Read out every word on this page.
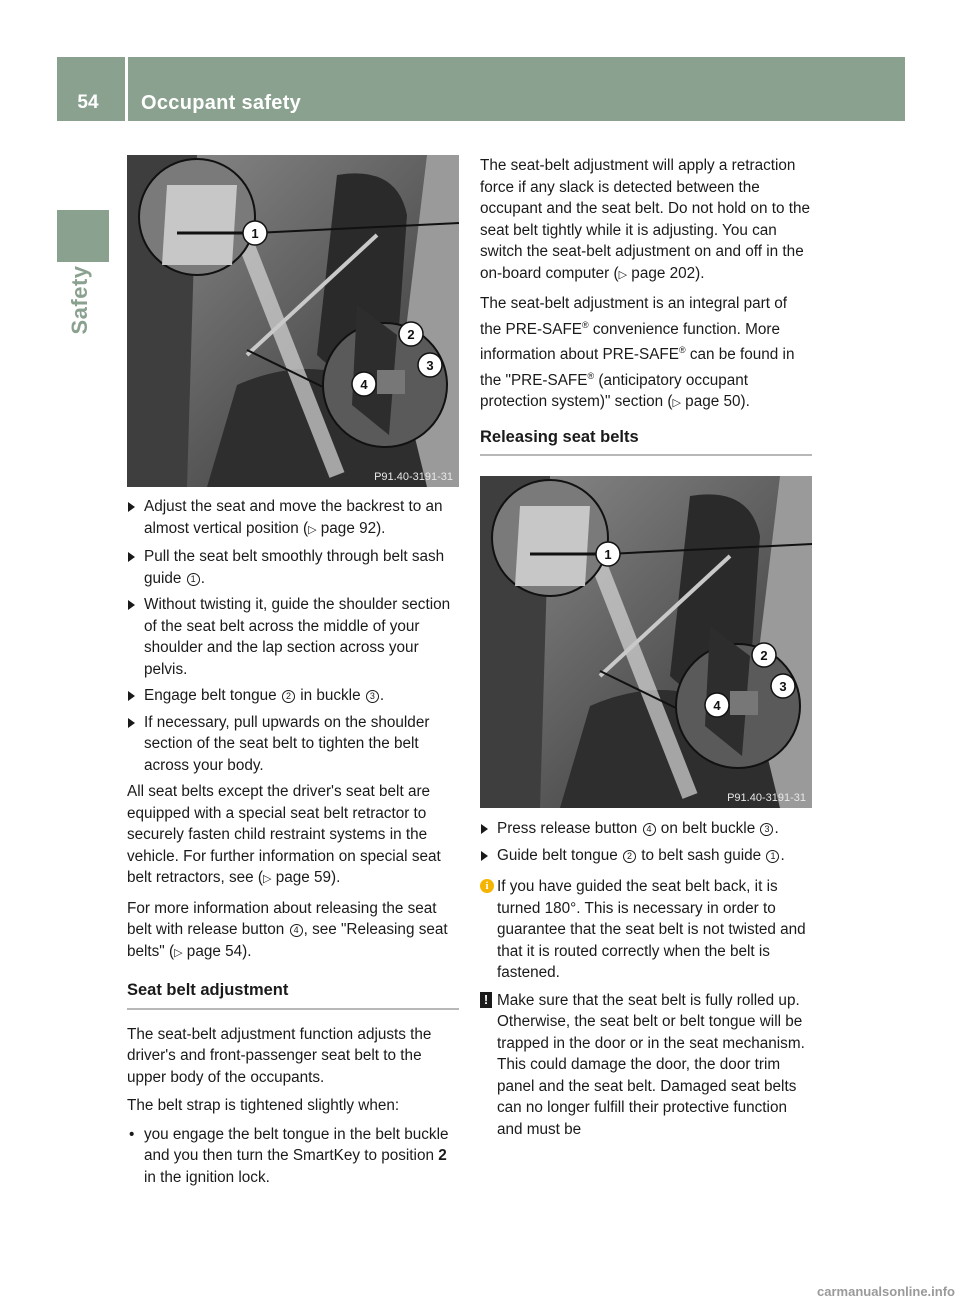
54	Occupant safety
Safety
1
2
3
4
P91.40-3191-31
1
2
3
4
P91.40-3191-31
Adjust the seat and move the backrest to an almost vertical position (▷ page 92).
Pull the seat belt smoothly through belt sash guide 1 .
Without twisting it, guide the shoulder section of the seat belt across the middle of your shoulder and the lap section across your pelvis.
Engage belt tongue 2 in buckle 3 .
If necessary, pull upwards on the shoulder section of the seat belt to tighten the belt across your body.
All seat belts except the driver's seat belt are equipped with a special seat belt retractor to securely fasten child restraint systems in the vehicle. For further information on special seat belt retractors, see (▷ page 59).
For more information about releasing the seat belt with release button 4 , see "Releasing seat belts" (▷ page 54).
Seat belt adjustment
The seat-belt adjustment function adjusts the driver's and front-passenger seat belt to the upper body of the occupants.
The belt strap is tightened slightly when:
• you engage the belt tongue in the belt buckle and you then turn the SmartKey to position 2 in the ignition lock.
The seat-belt adjustment will apply a retraction force if any slack is detected between the occupant and the seat belt. Do not hold on to the seat belt tightly while it is adjusting. You can switch the seat-belt adjustment on and off in the on-board computer (▷ page 202).
The seat-belt adjustment is an integral part of the PRE-SAFE® convenience function. More information about PRE-SAFE® can be found in the "PRE-SAFE® (anticipatory occupant protection system)" section (▷ page 50).
Releasing seat belts
Press release button 4 on belt buckle 3 .
Guide belt tongue 2 to belt sash guide 1 .
i If you have guided the seat belt back, it is turned 180°. This is necessary in order to guarantee that the seat belt is not twisted and that it is routed correctly when the belt is fastened.
! Make sure that the seat belt is fully rolled up. Otherwise, the seat belt or belt tongue will be trapped in the door or in the seat mechanism. This could damage the door, the door trim panel and the seat belt. Damaged seat belts can no longer fulfill their protective function and must be
carmanualsonline.info
